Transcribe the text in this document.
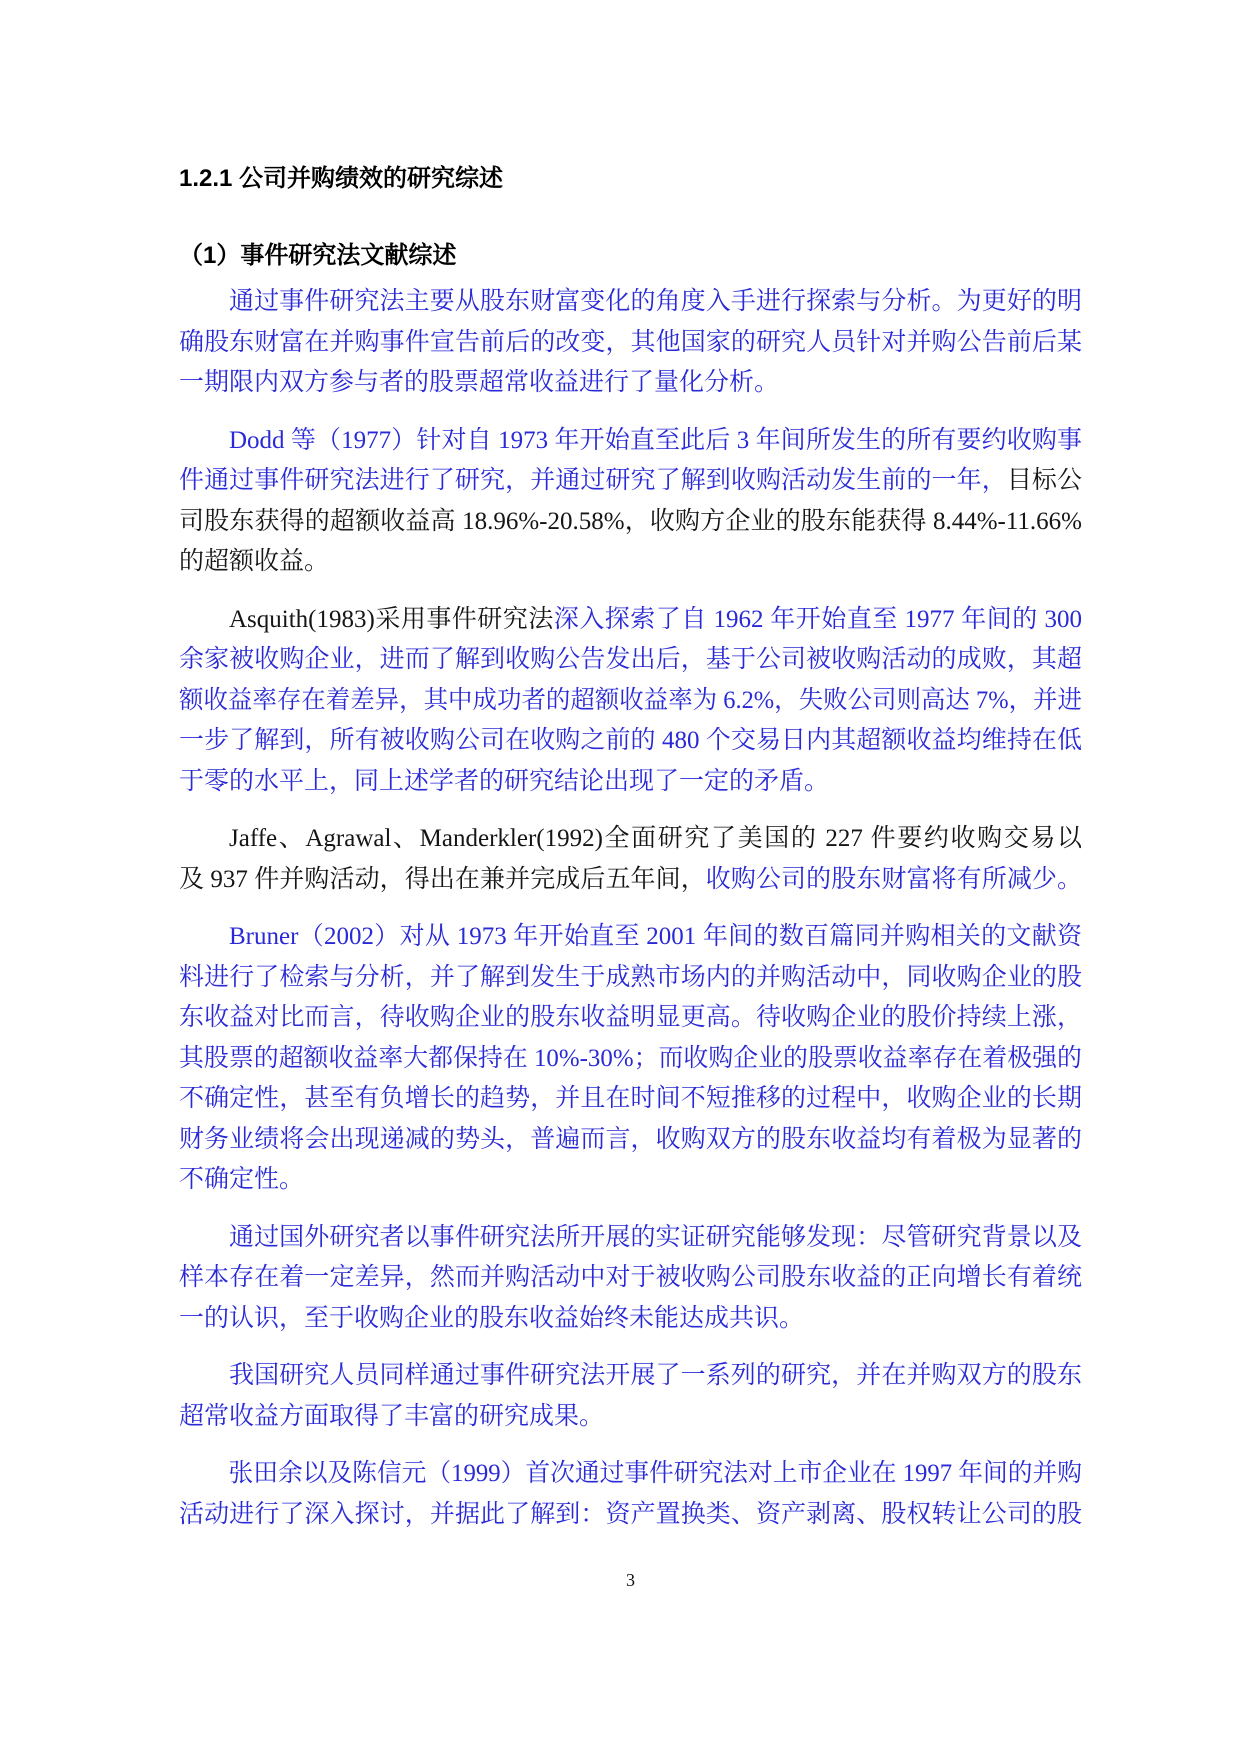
1.2.1 公司并购绩效的研究综述
（1）事件研究法文献综述
通过事件研究法主要从股东财富变化的角度入手进行探索与分析。为更好的明
确股东财富在并购事件宣告前后的改变，其他国家的研究人员针对并购公告前后某
一期限内双方参与者的股票超常收益进行了量化分析。
Dodd 等（1977）针对自 1973 年开始直至此后 3 年间所发生的所有要约收购事
件通过事件研究法进行了研究，并通过研究了解到收购活动发生前的一年，目标公
司股东获得的超额收益高 18.96%-20.58%，收购方企业的股东能获得 8.44%-11.66%
的超额收益。
Asquith(1983)采用事件研究法深入探索了自 1962 年开始直至 1977 年间的 300
余家被收购企业，进而了解到收购公告发出后，基于公司被收购活动的成败，其超
额收益率存在着差异，其中成功者的超额收益率为 6.2%，失败公司则高达 7%，并进
一步了解到，所有被收购公司在收购之前的 480 个交易日内其超额收益均维持在低
于零的水平上，同上述学者的研究结论出现了一定的矛盾。
Jaffe、Agrawal、Manderkler(1992)全面研究了美国的 227 件要约收购交易以
及 937 件并购活动，得出在兼并完成后五年间，收购公司的股东财富将有所减少。
Bruner（2002）对从 1973 年开始直至 2001 年间的数百篇同并购相关的文献资
料进行了检索与分析，并了解到发生于成熟市场内的并购活动中，同收购企业的股
东收益对比而言，待收购企业的股东收益明显更高。待收购企业的股价持续上涨，
其股票的超额收益率大都保持在 10%-30%；而收购企业的股票收益率存在着极强的
不确定性，甚至有负增长的趋势，并且在时间不短推移的过程中，收购企业的长期
财务业绩将会出现递减的势头，普遍而言，收购双方的股东收益均有着极为显著的
不确定性。
通过国外研究者以事件研究法所开展的实证研究能够发现：尽管研究背景以及
样本存在着一定差异，然而并购活动中对于被收购公司股东收益的正向增长有着统
一的认识，至于收购企业的股东收益始终未能达成共识。
我国研究人员同样通过事件研究法开展了一系列的研究，并在并购双方的股东
超常收益方面取得了丰富的研究成果。
张田余以及陈信元（1999）首次通过事件研究法对上市企业在 1997 年间的并购
活动进行了深入探讨，并据此了解到：资产置换类、资产剥离、股权转让公司的股
3
